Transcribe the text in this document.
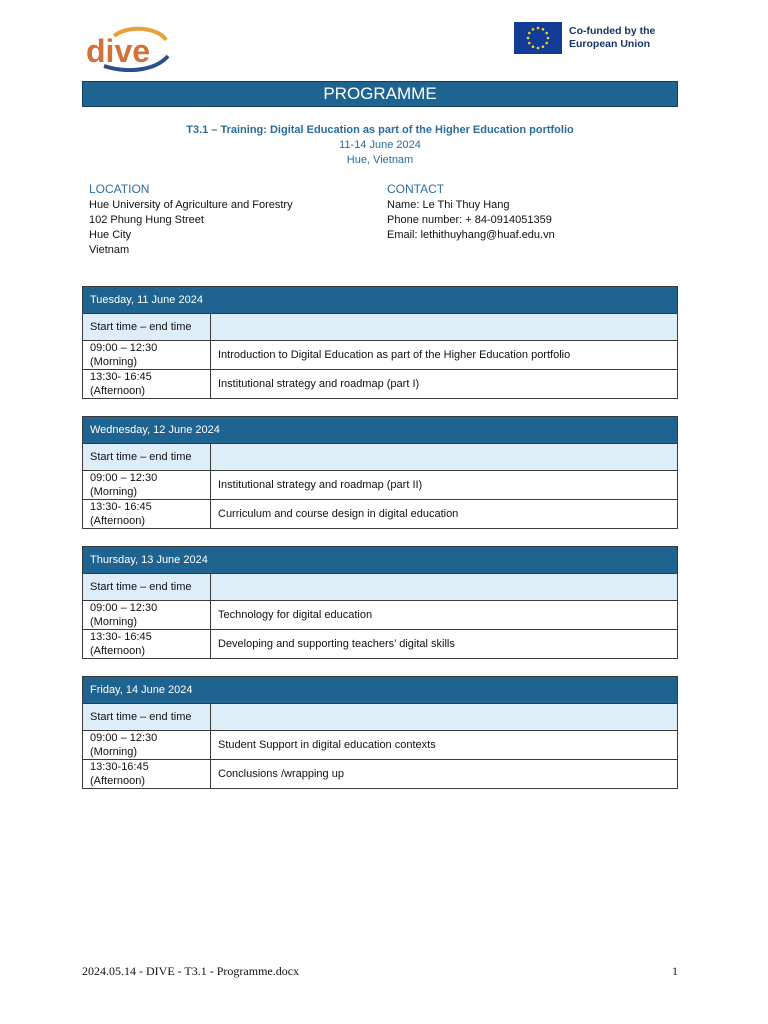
dive
Co-funded by the European Union
PROGRAMME
T3.1 – Training: Digital Education as part of the Higher Education portfolio
11-14 June 2024
Hue, Vietnam
LOCATION
Hue University of Agriculture and Forestry
102 Phung Hung Street
Hue City
Vietnam
CONTACT
Name: Le Thi Thuy Hang
Phone number: + 84-0914051359
Email: lethithuyhang@huaf.edu.vn
Tuesday, 11 June 2024	
Start time – end time	

09:00 – 12:30
(Morning)	Introduction to Digital Education as part of the Higher Education portfolio

13:30- 16:45
(Afternoon)	Institutional strategy and roadmap (part I)
Wednesday, 12 June 2024	
Start time – end time	

09:00 – 12:30
(Morning)	Institutional strategy and roadmap (part II)

13:30- 16:45
(Afternoon)	Curriculum and course design in digital education
Thursday, 13 June 2024	
Start time – end time	

09:00 – 12:30
(Morning)	Technology for digital education

13:30- 16:45
(Afternoon)	Developing and supporting teachers’ digital skills
Friday, 14 June 2024	
Start time – end time	

09:00 – 12:30
(Morning)	Student Support in digital education contexts

13:30-16:45
(Afternoon)	Conclusions /wrapping up
2024.05.14 - DIVE - T3.1 - Programme.docx	1
